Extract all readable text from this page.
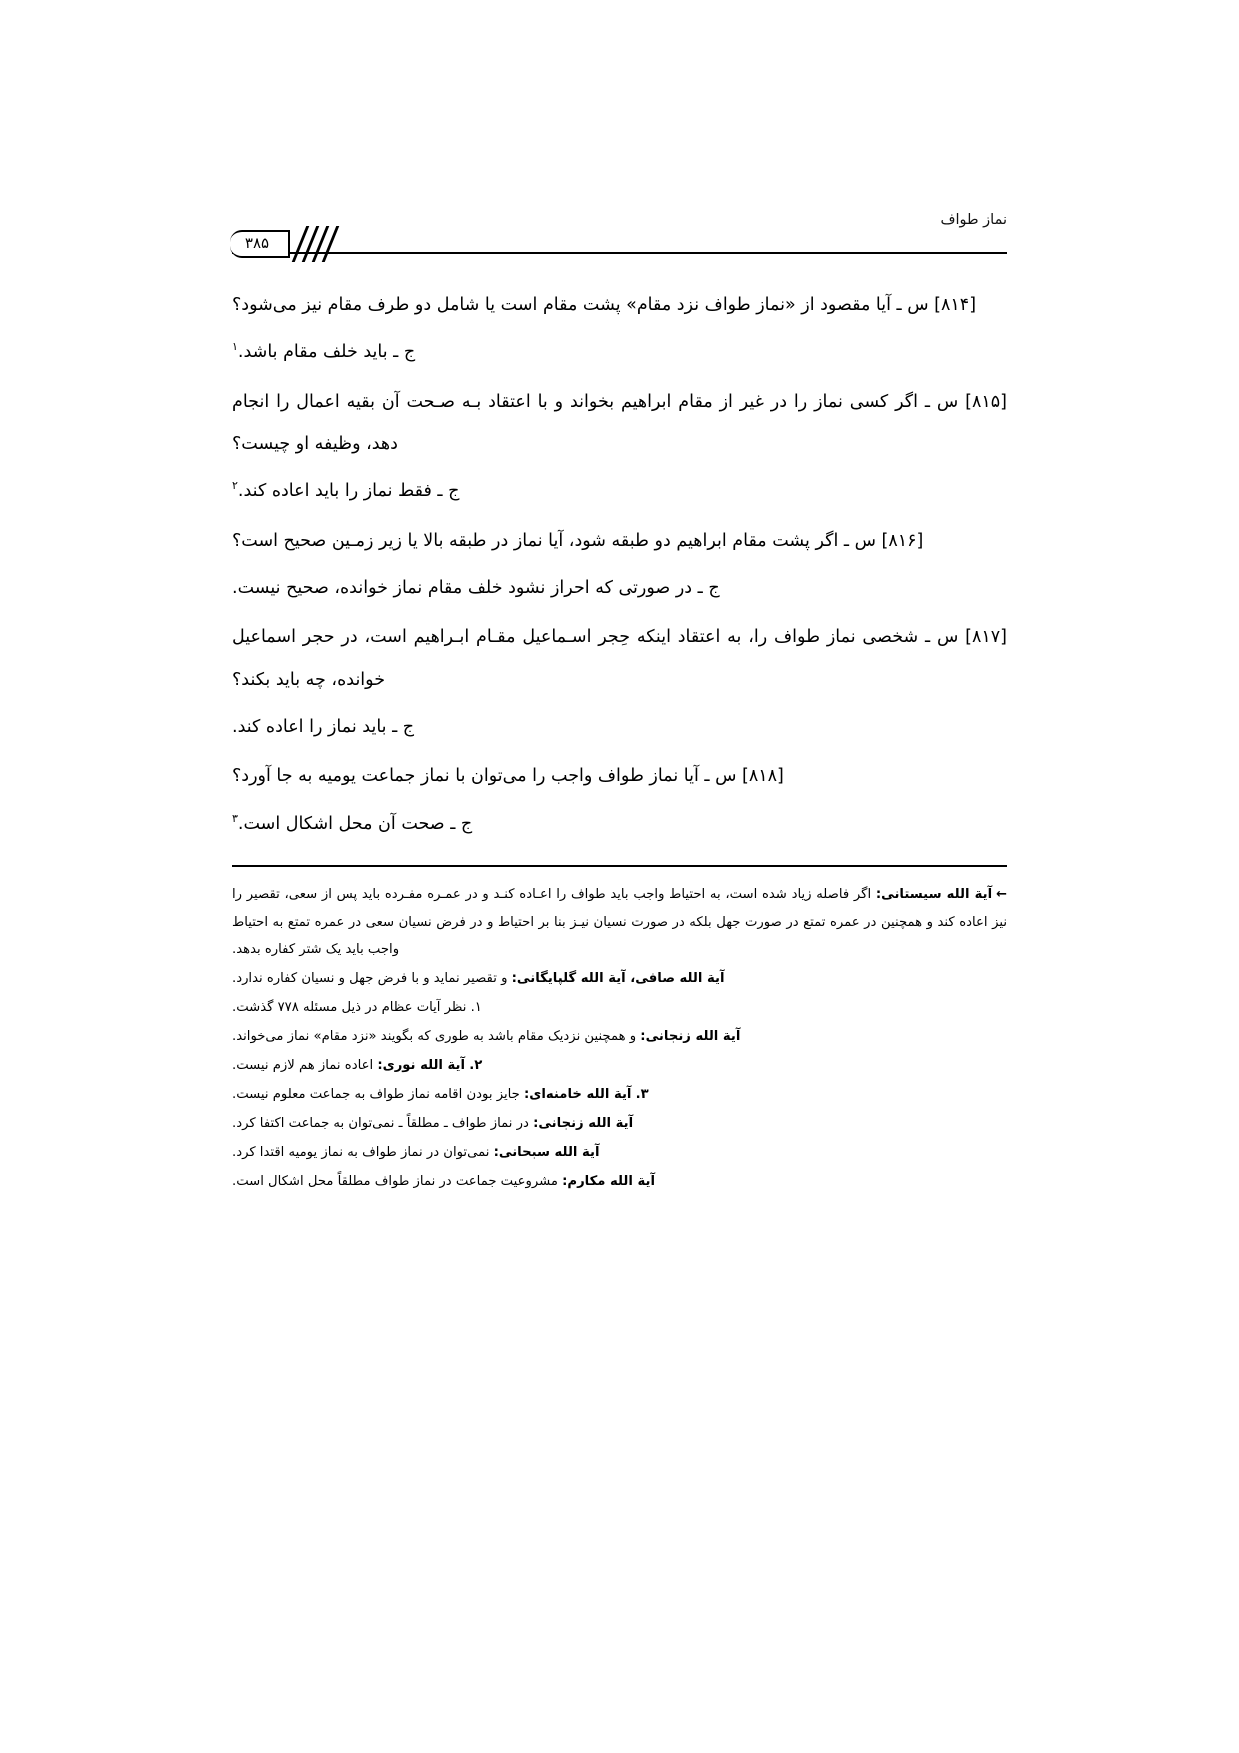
نماز طواف
۳۸۵

[۸۱۴] س ـ آیا مقصود از «نماز طواف نزد مقام» پشت مقام است یا شامل دو طرف مقام نیز می‌شود؟

ج ـ باید خلف مقام باشد.$^۱$

[۸۱۵] س ـ اگر کسی نماز را در غیر از مقام ابراهیم بخواند و با اعتقاد بـه صـحت آن بقیه اعمال را انجام دهد، وظیفه او چیست؟

ج ـ فقط نماز را باید اعاده کند.$^۲$

[۸۱۶] س ـ اگر پشت مقام ابراهیم دو طبقه شود، آیا نماز در طبقه بالا یا زیر زمـین صحیح است؟

ج ـ در صورتی که احراز نشود خلف مقام نماز خوانده، صحیح نیست.

[۸۱۷] س ـ شخصی نماز طواف را، به اعتقاد اینکه حِجر اسـماعیل مقـام ابـراهیم است، در حجر اسماعیل خوانده، چه باید بکند؟

ج ـ باید نماز را اعاده کند.

[۸۱۸] س ـ آیا نماز طواف واجب را می‌توان با نماز جماعت یومیه به جا آورد؟

ج ـ صحت آن محل اشکال است.$^۳$

←آیة الله سیستانی: اگر فاصله زیاد شده است، به احتیاط واجب باید طواف را اعـاده کنـد و در عمـره مفـرده باید پس از سعی، تقصیر را نیز اعاده کند و همچنین در عمره تمتع در صورت جهل بلکه در صورت نسیان نیـز بنا بر احتیاط و در فرض نسیان سعی در عمره تمتع به احتیاط واجب باید یک شتر کفاره بدهد.

آیة الله صافی، آیة الله گلپایگانی: و تقصیر نماید و با فرض جهل و نسیان کفاره ندارد.

۱. نظر آیات عظام در ذیل مسئله ۷۷۸ گذشت.

آیة الله زنجانی: و همچنین نزدیک مقام باشد به طوری که بگویند «نزد مقام» نماز می‌خواند.

۲. آیة الله نوری: اعاده نماز هم لازم نیست.

۳. آیة الله خامنه‌ای: جایز بودن اقامه نماز طواف به جماعت معلوم نیست.

آیة الله زنجانی: در نماز طواف ـ مطلقاً ـ نمی‌توان به جماعت اکتفا کرد.

آیة الله سبحانی: نمی‌توان در نماز طواف به نماز یومیه اقتدا کرد.

آیة الله مکارم: مشروعیت جماعت در نماز طواف مطلقاً محل اشکال است.
